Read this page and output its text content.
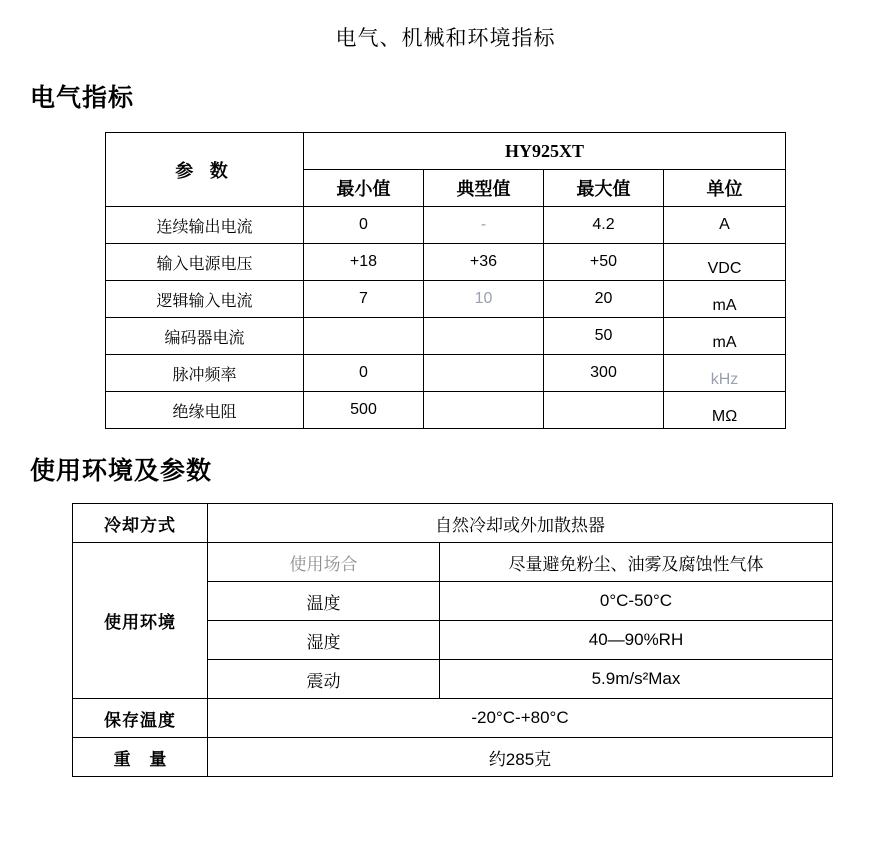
电气、机械和环境指标
电气指标
参 数	HY925XT			
	最小值	典型值	最大值	单位
连续输出电流	0	-	4.2	A
输入电源电压	+18	+36	+50	VDC
逻辑输入电流	7	10	20	mA
编码器电流			50	mA
脉冲频率	0		300	kHz
绝缘电阻	500			MΩ
使用环境及参数
冷却方式	自然冷却或外加散热器	
使用环境	使用场合	尽量避免粉尘、油雾及腐蚀性气体
	温度	0°C-50°C
	湿度	40—90%RH
	震动	5.9m/s²Max
保存温度	-20°C-+80°C	
重 量	约285克	
